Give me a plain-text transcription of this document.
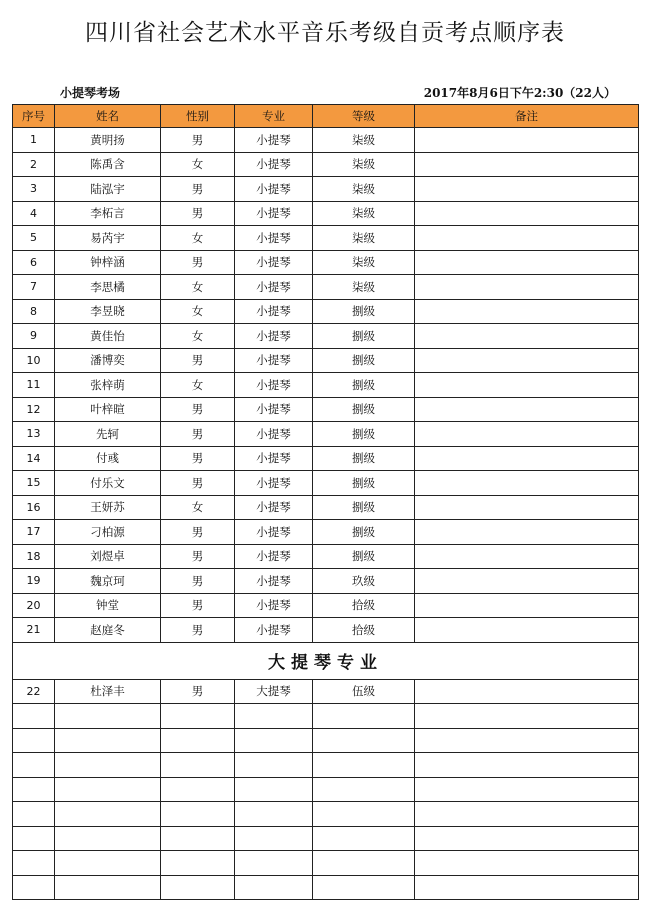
四川省社会艺术水平音乐考级自贡考点顺序表
小提琴考场	2017年8月6日下午2:30（22人）
序号	姓名	性别	专业	等级	备注
1	黄明扬	男	小提琴	柒级	
2	陈禹含	女	小提琴	柒级	
3	陆泓宇	男	小提琴	柒级	
4	李柘言	男	小提琴	柒级	
5	易芮宇	女	小提琴	柒级	
6	钟梓涵	男	小提琴	柒级	
7	李思橘	女	小提琴	柒级	
8	李昱晓	女	小提琴	捌级	
9	黄佳怡	女	小提琴	捌级	
10	潘博奕	男	小提琴	捌级	
11	张梓萌	女	小提琴	捌级	
12	叶梓暄	男	小提琴	捌级	
13	先轲	男	小提琴	捌级	
14	付彧	男	小提琴	捌级	
15	付乐文	男	小提琴	捌级	
16	王妍苏	女	小提琴	捌级	
17	刁柏源	男	小提琴	捌级	
18	刘煜卓	男	小提琴	捌级	
19	魏京珂	男	小提琴	玖级	
20	钟堂	男	小提琴	拾级	
21	赵庭冬	男	小提琴	拾级	
大提琴专业					
22	杜泽丰	男	大提琴	伍级	
